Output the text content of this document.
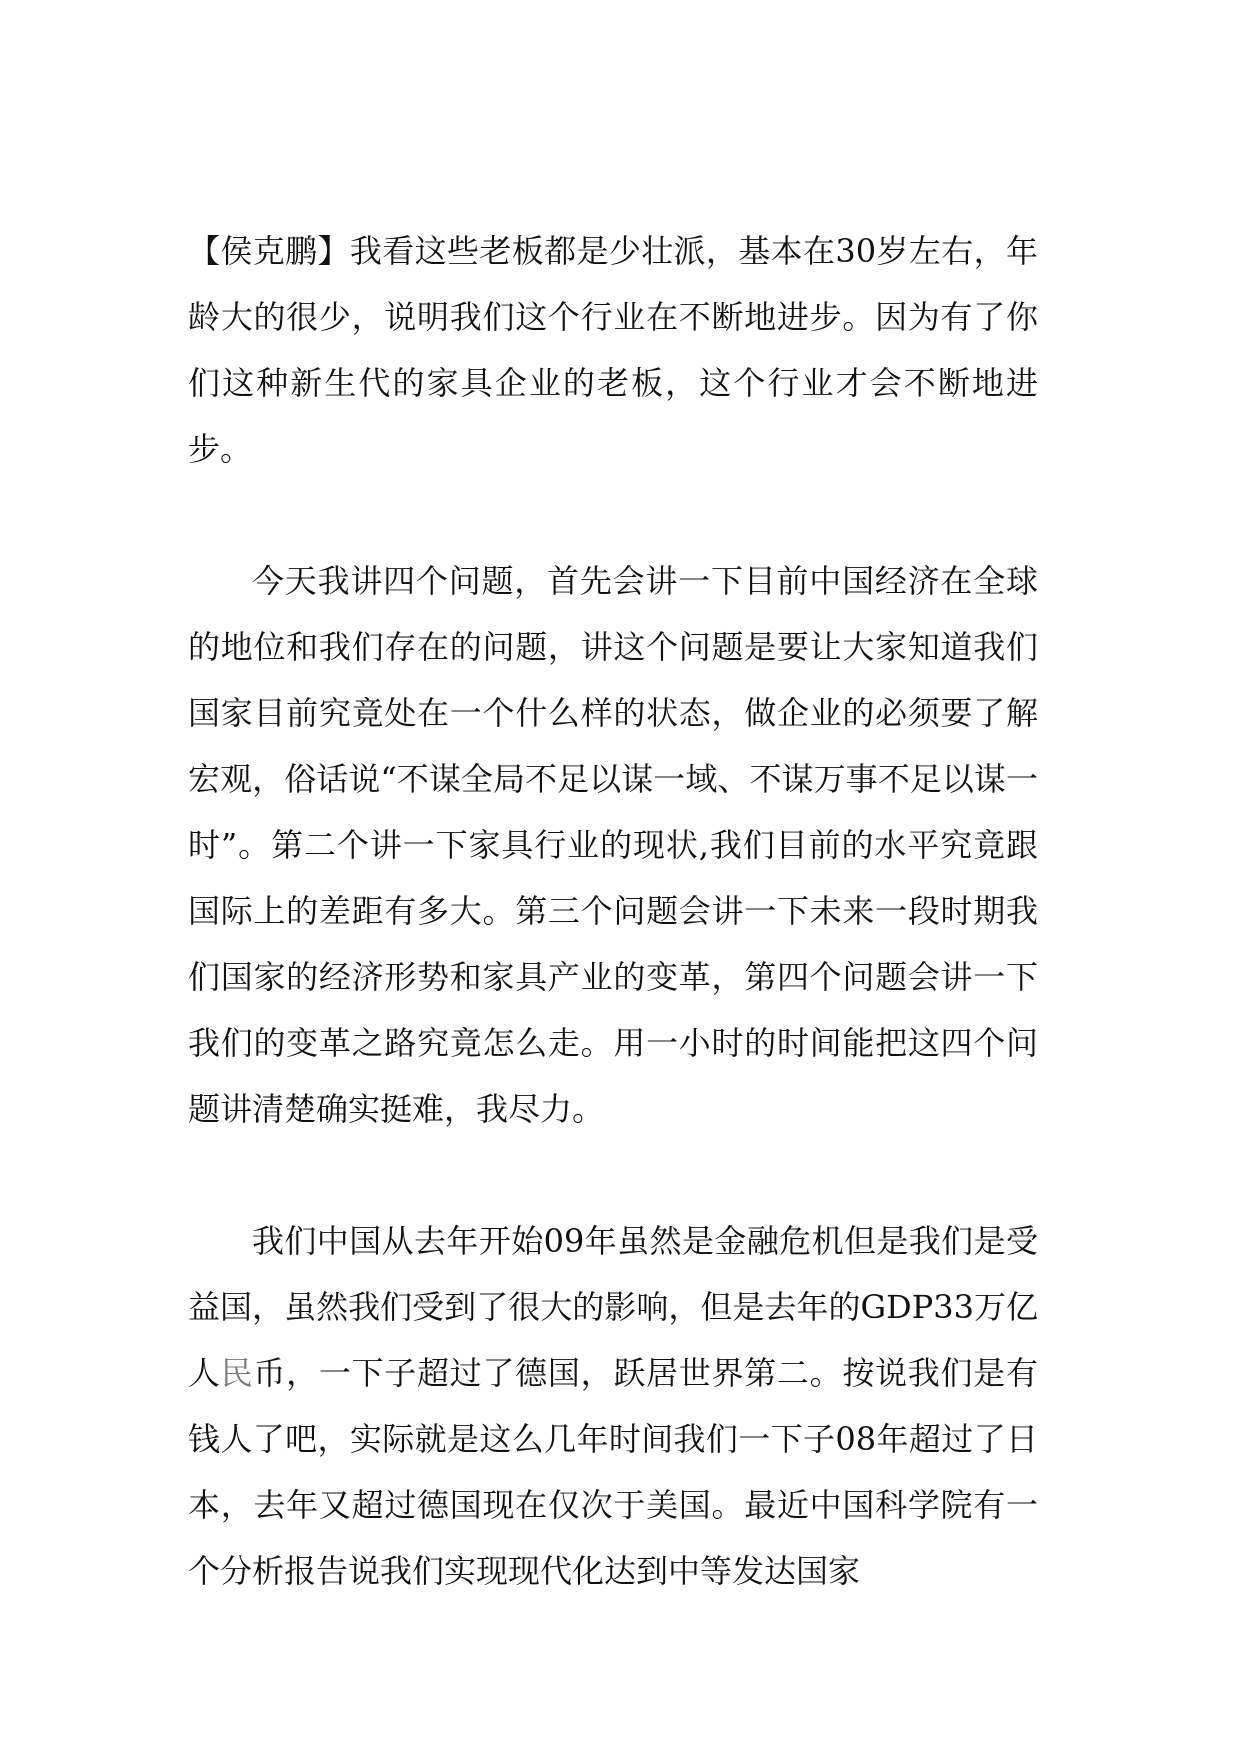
【侯克鹏】我看这些老板都是少壮派，基本在30岁左右，年龄大的很少，说明我们这个行业在不断地进步。因为有了你们这种新生代的家具企业的老板，这个行业才会不断地进步。

今天我讲四个问题，首先会讲一下目前中国经济在全球的地位和我们存在的问题，讲这个问题是要让大家知道我们国家目前究竟处在一个什么样的状态，做企业的必须要了解宏观，俗话说“不谋全局不足以谋一域、不谋万事不足以谋一时”。第二个讲一下家具行业的现状,我们目前的水平究竟跟国际上的差距有多大。第三个问题会讲一下未来一段时期我们国家的经济形势和家具产业的变革，第四个问题会讲一下我们的变革之路究竟怎么走。用一小时的时间能把这四个问题讲清楚确实挺难，我尽力。

我们中国从去年开始09年虽然是金融危机但是我们是受益国，虽然我们受到了很大的影响，但是去年的GDP33万亿人民币，一下子超过了德国，跃居世界第二。按说我们是有钱人了吧，实际就是这么几年时间我们一下子08年超过了日本，去年又超过德国现在仅次于美国。最近中国科学院有一个分析报告说我们实现现代化达到中等发达国家
